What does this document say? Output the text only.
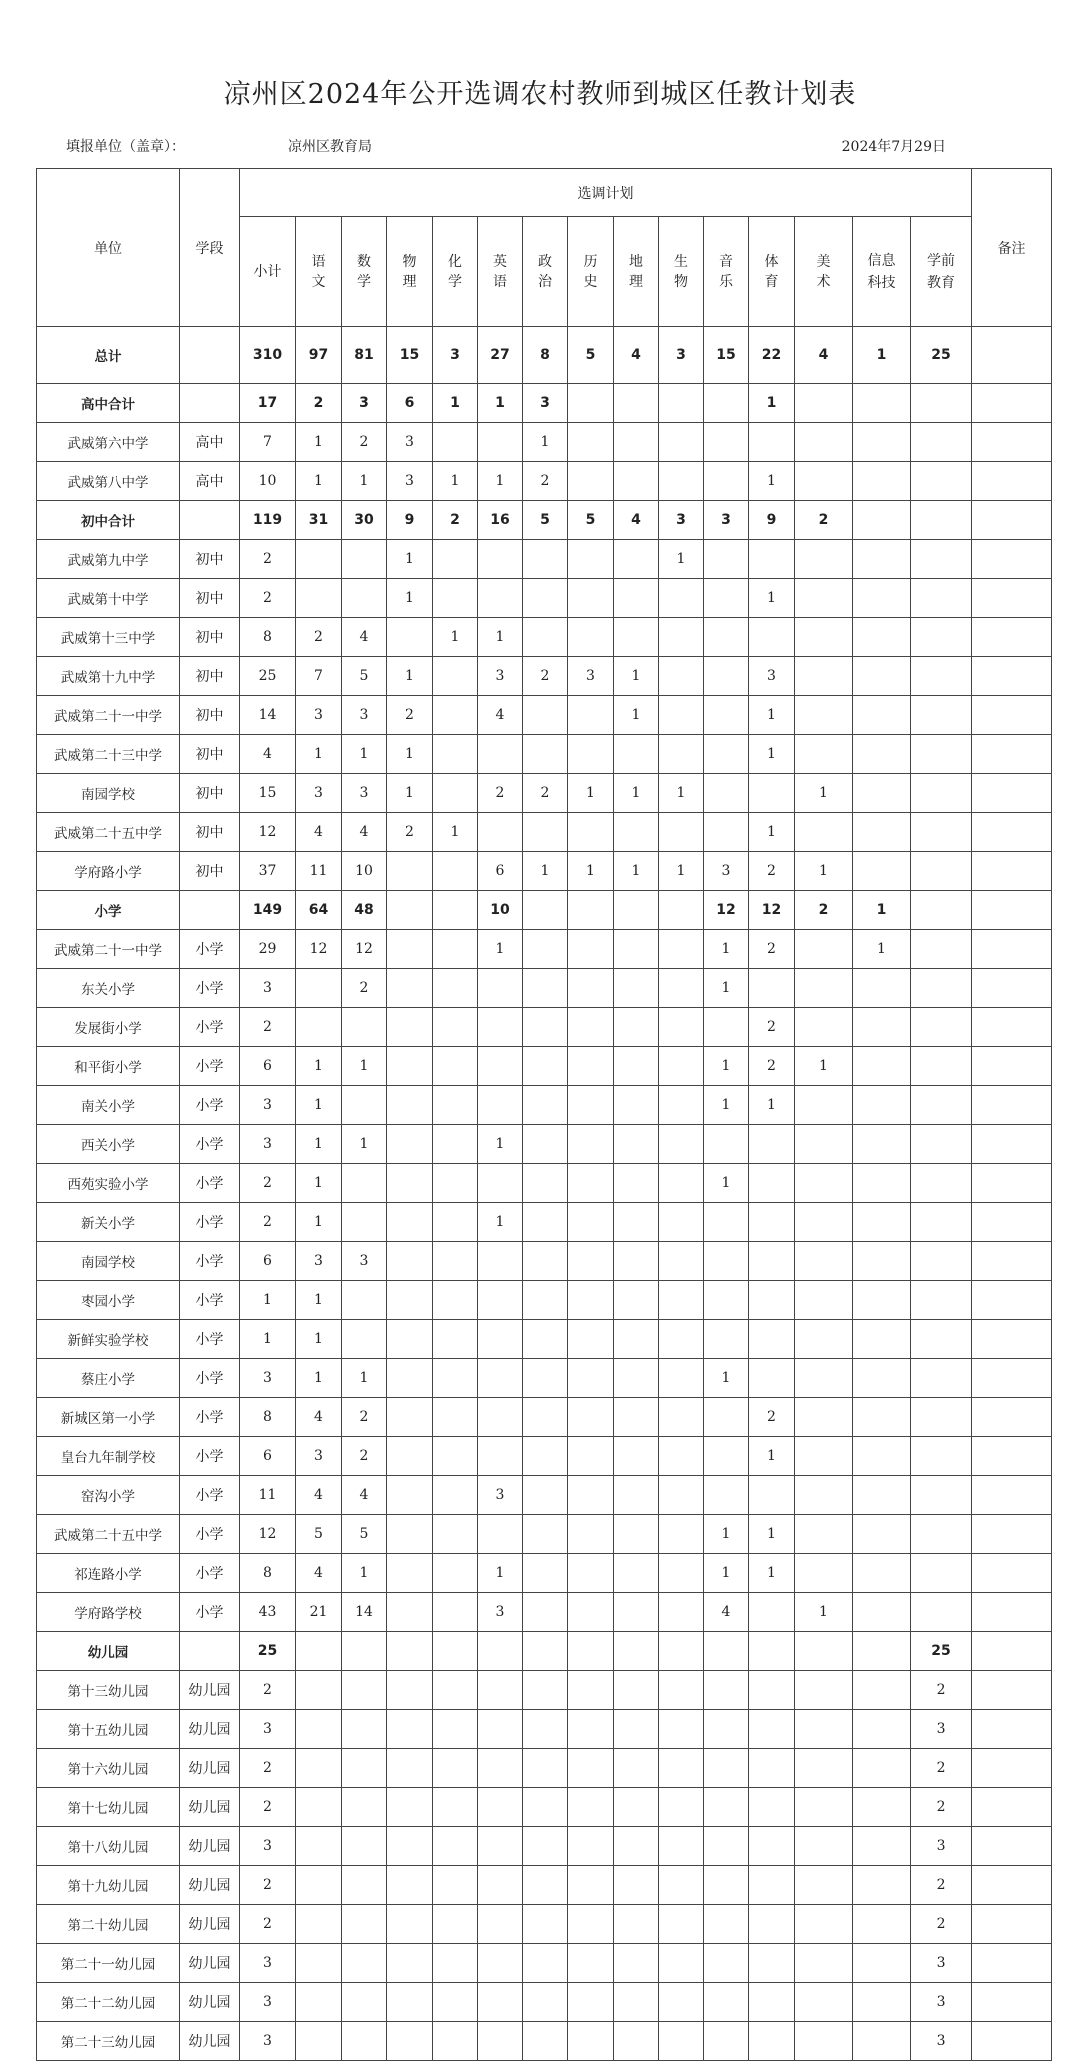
凉州区2024年公开选调农村教师到城区任教计划表
填报单位（盖章）：	凉州区教育局	2024年7月29日
单位	学段	选调计划															备注
		小计	语文	数学	物理	化学	英语	政治	历史	地理	生物	音乐	体育	美术	信息科技	学前教育	
总计		310	97	81	15	3	27	8	5	4	3	15	22	4	1	25	
高中合计		17	2	3	6	1	1	3					1				
武威第六中学	高中	7	1	2	3			1									
武威第八中学	高中	10	1	1	3	1	1	2					1				
初中合计		119	31	30	9	2	16	5	5	4	3	3	9	2			
武威第九中学	初中	2			1						1						
武威第十中学	初中	2			1								1				
武威第十三中学	初中	8	2	4		1	1										
武威第十九中学	初中	25	7	5	1		3	2	3	1			3				
武威第二十一中学	初中	14	3	3	2		4			1			1				
武威第二十三中学	初中	4	1	1	1								1				
南园学校	初中	15	3	3	1		2	2	1	1	1			1			
武威第二十五中学	初中	12	4	4	2	1							1				
学府路小学	初中	37	11	10			6	1	1	1	1	3	2	1			
小学		149	64	48			10					12	12	2	1		
武威第二十一中学	小学	29	12	12			1					1	2		1		
东关小学	小学	3		2								1					
发展街小学	小学	2											2				
和平街小学	小学	6	1	1								1	2	1			
南关小学	小学	3	1									1	1				
西关小学	小学	3	1	1			1										
西苑实验小学	小学	2	1									1					
新关小学	小学	2	1				1										
南园学校	小学	6	3	3													
枣园小学	小学	1	1														
新鲜实验学校	小学	1	1														
蔡庄小学	小学	3	1	1								1					
新城区第一小学	小学	8	4	2									2				
皇台九年制学校	小学	6	3	2									1				
窑沟小学	小学	11	4	4			3										
武威第二十五中学	小学	12	5	5								1	1				
祁连路小学	小学	8	4	1			1					1	1				
学府路学校	小学	43	21	14			3					4		1			
幼儿园		25														25	
第十三幼儿园	幼儿园	2														2	
第十五幼儿园	幼儿园	3														3	
第十六幼儿园	幼儿园	2														2	
第十七幼儿园	幼儿园	2														2	
第十八幼儿园	幼儿园	3														3	
第十九幼儿园	幼儿园	2														2	
第二十幼儿园	幼儿园	2														2	
第二十一幼儿园	幼儿园	3														3	
第二十二幼儿园	幼儿园	3														3	
第二十三幼儿园	幼儿园	3														3	
